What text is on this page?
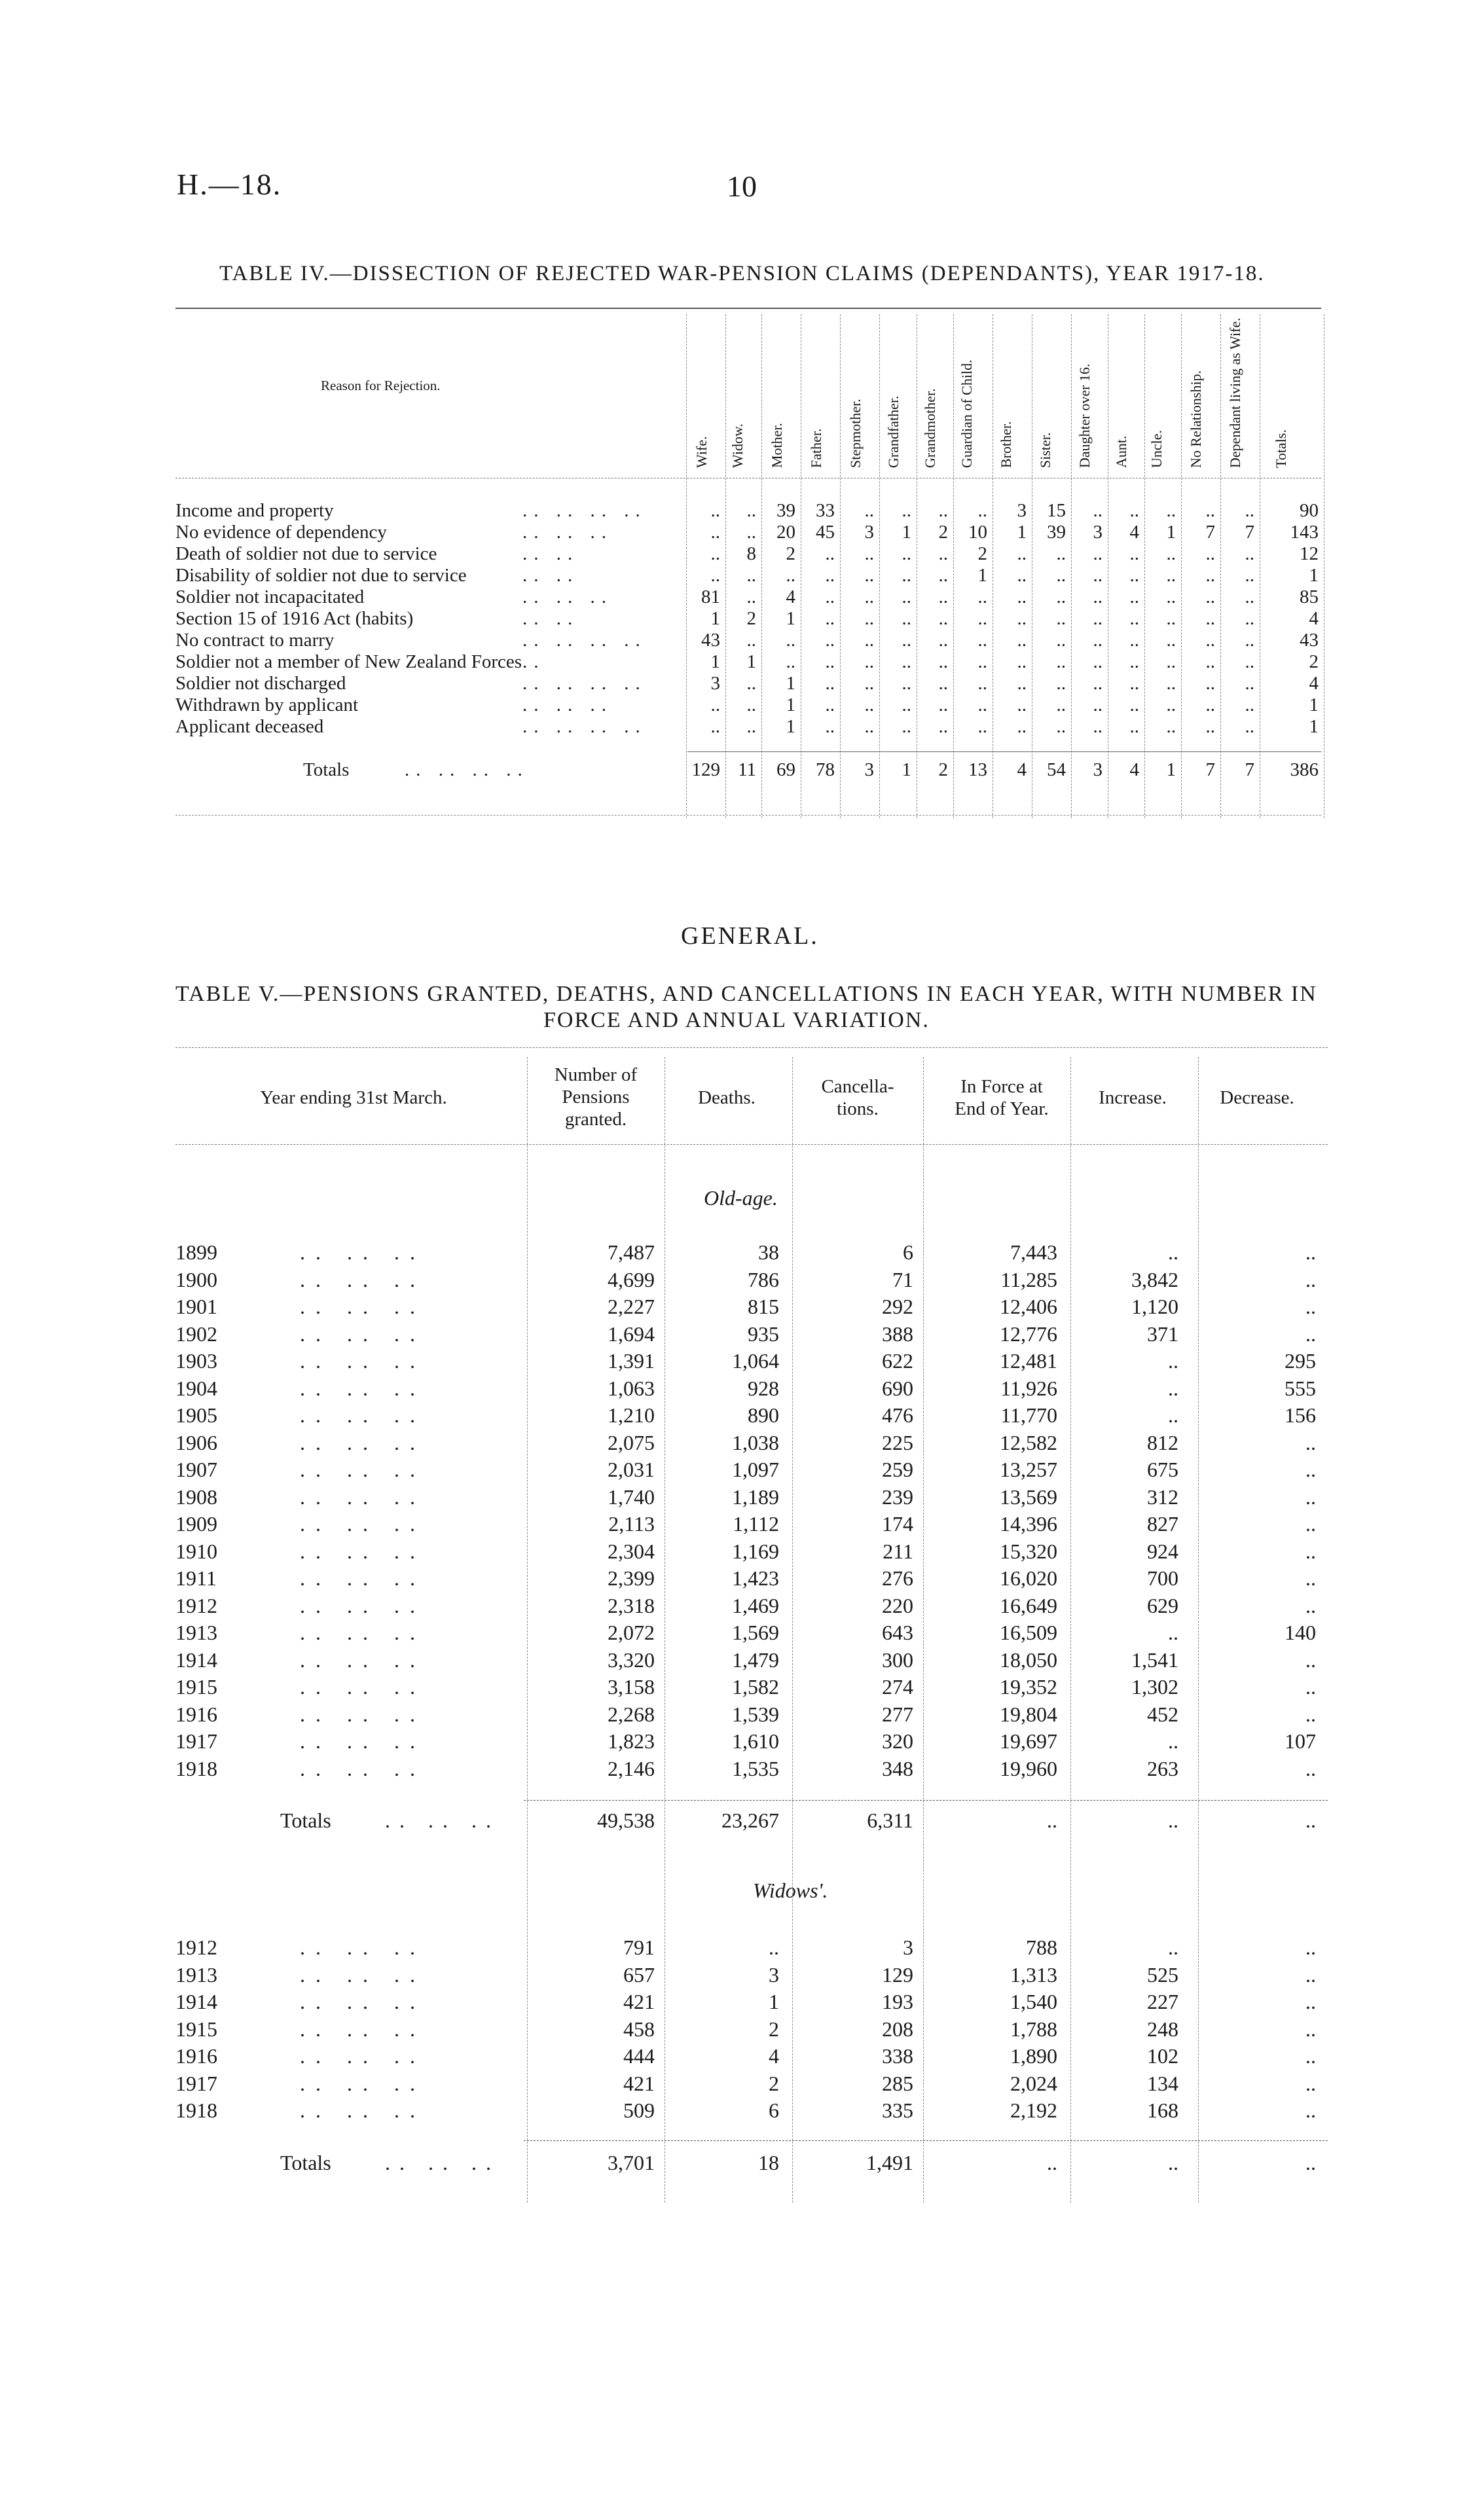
H.—18.	10
TABLE IV.—DISSECTION OF REJECTED WAR-PENSION CLAIMS (DEPENDANTS), YEAR 1917-18.
Reason for Rejection.
Wife. Widow. Mother. Father. Stepmother. Grandfather. Grandmother. Guardian of Child. Brother. Sister. Daughter over 16. Aunt. Uncle. No Relationship. Dependant living as Wife. Totals.
Income and property	.. .. .. ..	..	..	39	33	..	..	..	..	3	15	..	..	..	..	..	90
No evidence of dependency	.. .. ..	..	..	20	45	3	1	2	10	1	39	3	4	1	7	7	143
Death of soldier not due to service	.. ..	..	8	2	..	..	..	..	2	..	..	..	..	..	..	..	12
Disability of soldier not due to service	.. ..	..	..	..	..	..	..	..	1	..	..	..	..	..	..	..	1
Soldier not incapacitated	.. .. ..	81	..	4	..	..	..	..	..	..	..	..	..	..	..	..	85
Section 15 of 1916 Act (habits)	.. ..	1	2	1	..	..	..	..	..	..	..	..	..	..	..	..	4
No contract to marry	.. .. .. ..	43	..	..	..	..	..	..	..	..	..	..	..	..	..	..	43
Soldier not a member of New Zealand Forces ..	1	1	..	..	..	..	..	..	..	..	..	..	..	..	..	2
Soldier not discharged	.. .. .. ..	3	..	1	..	..	..	..	..	..	..	..	..	..	..	..	4
Withdrawn by applicant	.. .. ..	..	..	1	..	..	..	..	..	..	..	..	..	..	..	..	1
Applicant deceased	.. .. .. ..	..	..	1	..	..	..	..	..	..	..	..	..	..	..	..	1
Totals	.. .. .. ..	129 11	69	78	3	1	2	13	4	54	3	4	1	7	7	386
GENERAL.
TABLE V.—PENSIONS GRANTED, DEATHS, AND CANCELLATIONS IN EACH YEAR, WITH NUMBER IN
FORCE AND ANNUAL VARIATION.
Year ending 31st March.
Number of
Pensions
granted.
Deaths.
Cancella-
tions.
In Force at
End of Year.
Increase.	Decrease.
Old-age.
1899	.. .. ..	7,487	38	6	7,443	..	..
1900	.. .. ..	4,699	786	71	11,285	3,842	..
1901	.. .. ..	2,227	815	292	12,406	1,120	..
1902	.. .. ..	1,694	935	388	12,776	371	..
1903	.. .. ..	1,391	1,064	622	12,481	..	295
1904	.. .. ..	1,063	928	690	11,926	..	555
1905	.. .. ..	1,210	890	476	11,770	..	156
1906	.. .. ..	2,075	1,038	225	12,582	812	..
1907	.. .. ..	2,031	1,097	259	13,257	675	..
1908	.. .. ..	1,740	1,189	239	13,569	312	..
1909	.. .. ..	2,113	1,112	174	14,396	827	..
1910	.. .. ..	2,304	1,169	211	15,320	924	..
1911	.. .. ..	2,399	1,423	276	16,020	700	..
1912	.. .. ..	2,318	1,469	220	16,649	629	..
1913	.. .. ..	2,072	1,569	643	16,509	..	140
1914	.. .. ..	3,320	1,479	300	18,050	1,541	..
1915	.. .. ..	3,158	1,582	274	19,352	1,302	..
1916	.. .. ..	2,268	1,539	277	19,804	452	..
1917	.. .. ..	1,823	1,610	320	19,697	..	107
1918	.. .. ..	2,146	1,535	348	19,960	263	..
Totals	.. .. ..	49,538	23,267	6,311	..	..	..
Widows'.
1912	.. .. ..	791	..	3	788	..	..
1913	.. .. ..	657	3	129	1,313	525	..
1914	.. .. ..	421	1	193	1,540	227	..
1915	.. .. ..	458	2	208	1,788	248	..
1916	.. .. ..	444	4	338	1,890	102	..
1917	.. .. ..	421	2	285	2,024	134	..
1918	.. .. ..	509	6	335	2,192	168	..
Totals	.. .. ..	3,701	18	1,491	..	..	..
